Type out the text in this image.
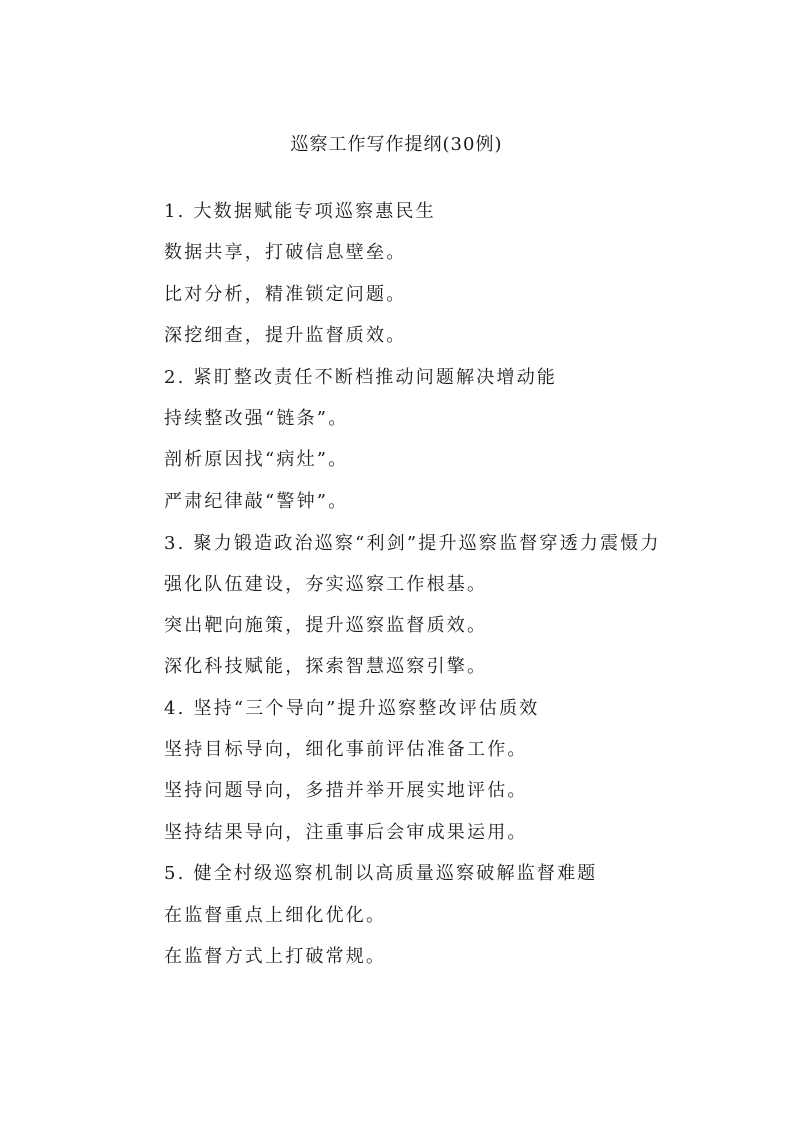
巡察工作写作提纲(30例)
1. 大数据赋能专项巡察惠民生
数据共享，打破信息壁垒。
比对分析，精准锁定问题。
深挖细查，提升监督质效。
2. 紧盯整改责任不断档推动问题解决增动能
持续整改强“链条”。
剖析原因找“病灶”。
严肃纪律敲“警钟”。
3. 聚力锻造政治巡察“利剑”提升巡察监督穿透力震慑力
强化队伍建设，夯实巡察工作根基。
突出靶向施策，提升巡察监督质效。
深化科技赋能，探索智慧巡察引擎。
4. 坚持“三个导向”提升巡察整改评估质效
坚持目标导向，细化事前评估准备工作。
坚持问题导向，多措并举开展实地评估。
坚持结果导向，注重事后会审成果运用。
5. 健全村级巡察机制以高质量巡察破解监督难题
在监督重点上细化优化。
在监督方式上打破常规。
